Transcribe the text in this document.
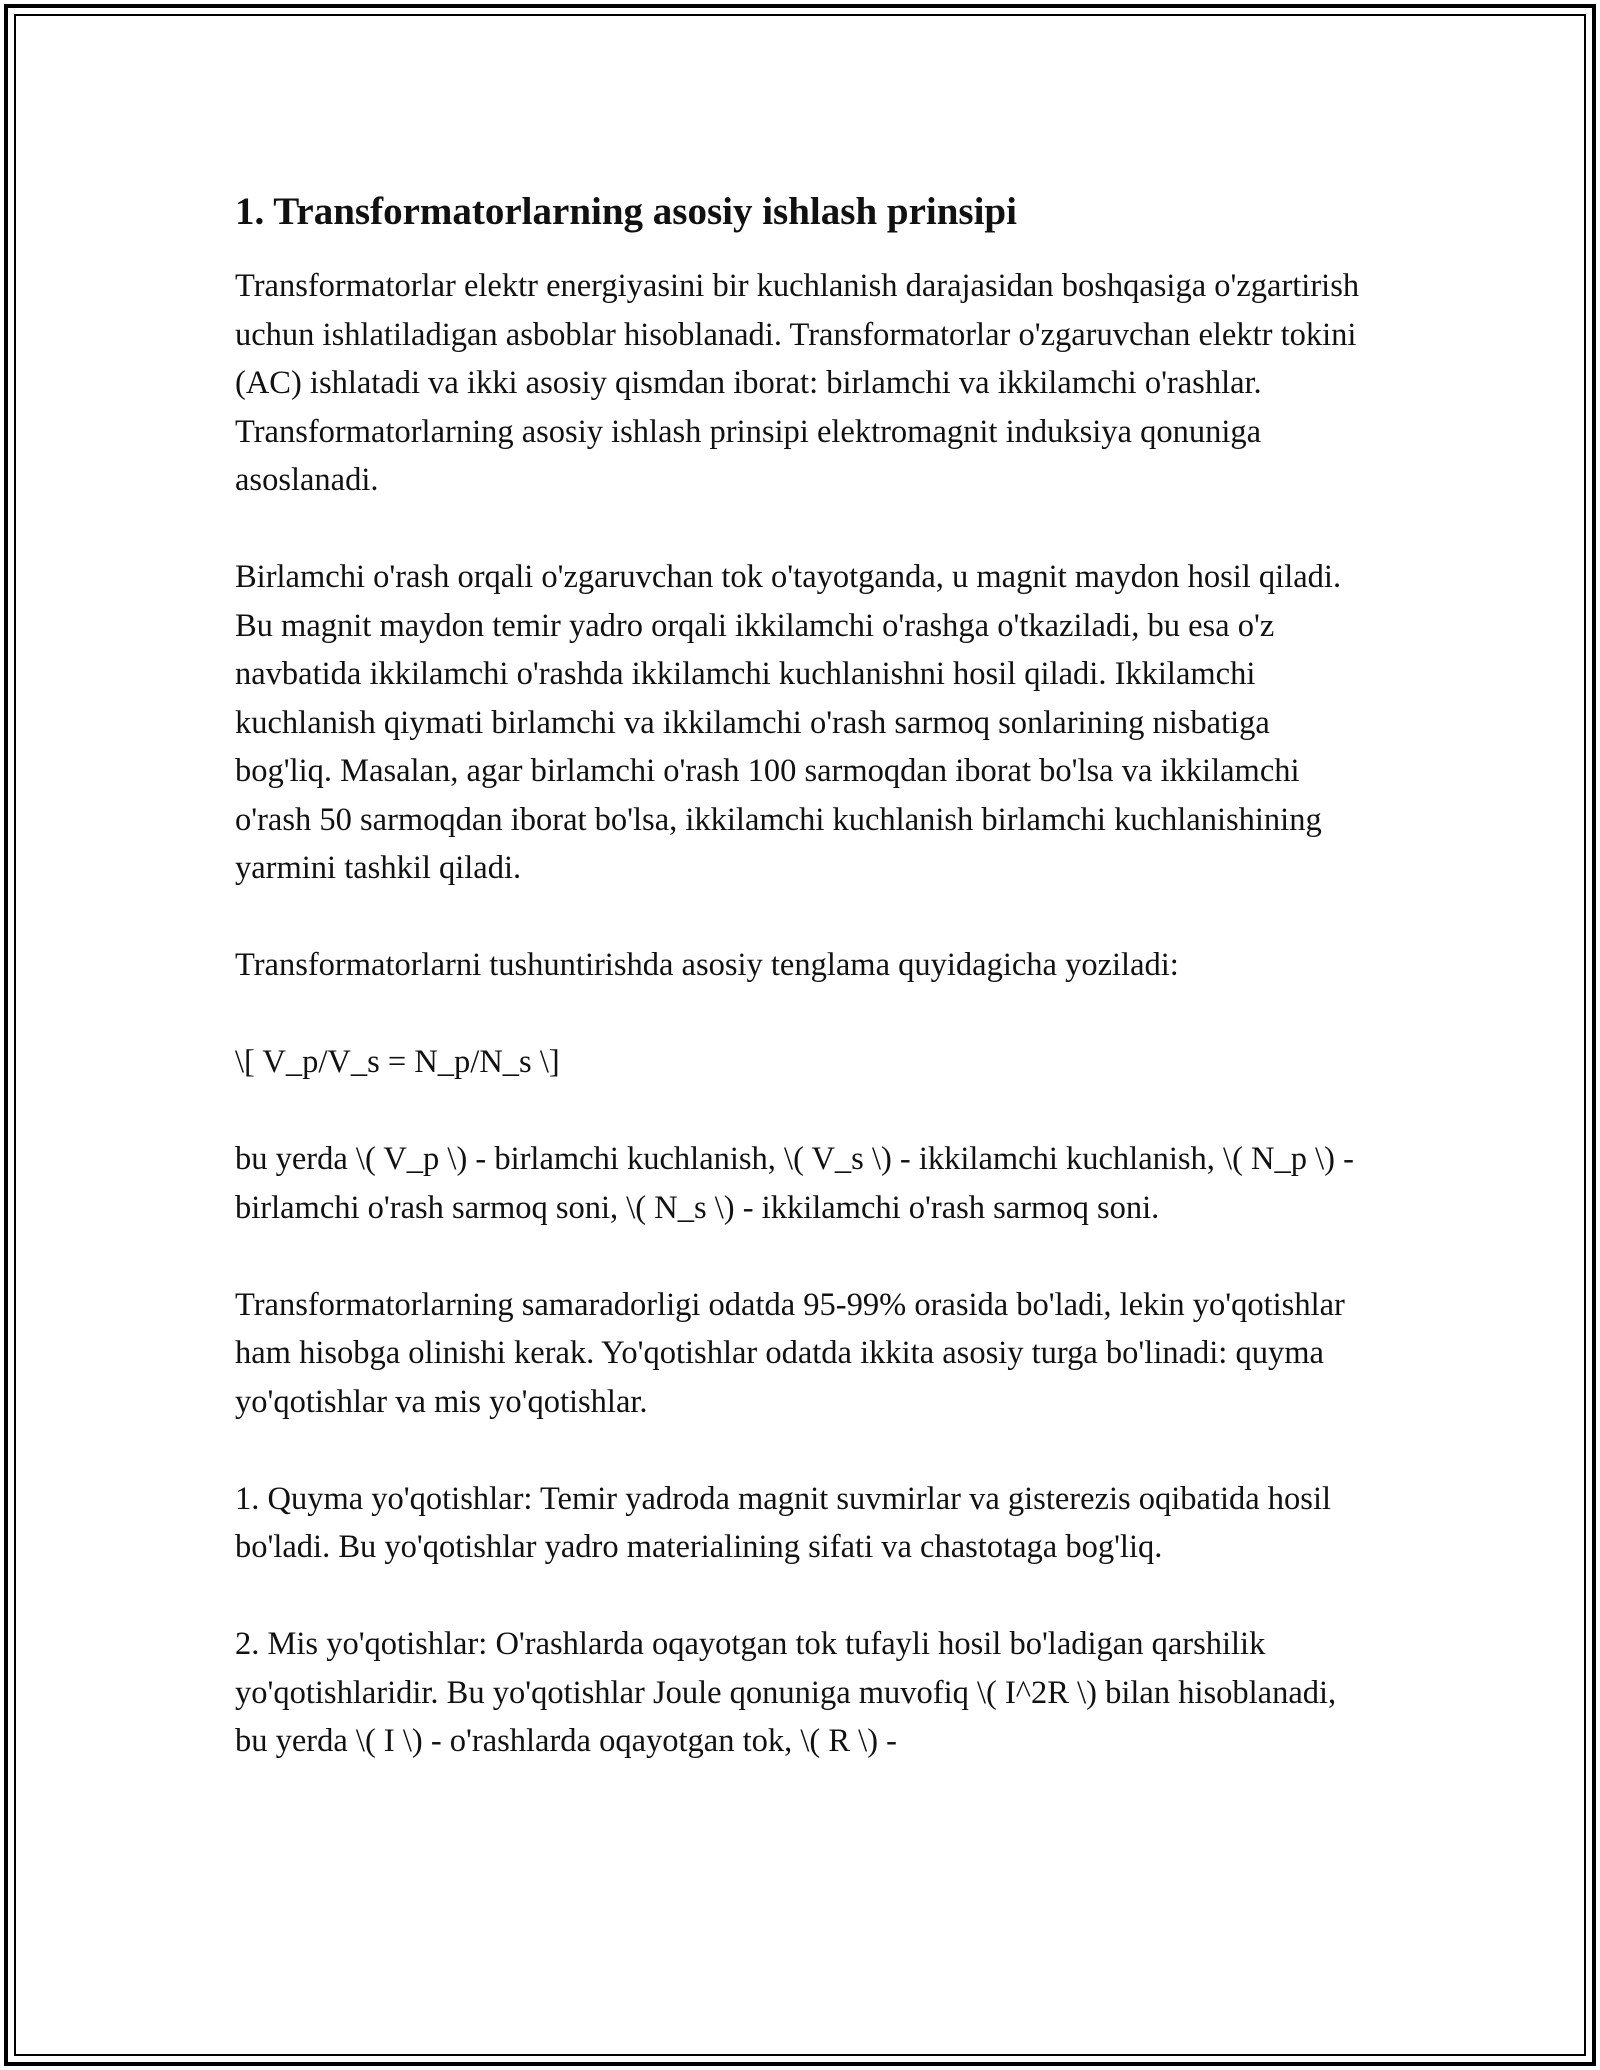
1. Transformatorlarning asosiy ishlash prinsipi

Transformatorlar elektr energiyasini bir kuchlanish darajasidan boshqasiga o'zgartirish uchun ishlatiladigan asboblar hisoblanadi. Transformatorlar o'zgaruvchan elektr tokini (AC) ishlatadi va ikki asosiy qismdan iborat: birlamchi va ikkilamchi o'rashlar. Transformatorlarning asosiy ishlash prinsipi elektromagnit induksiya qonuniga asoslanadi.

Birlamchi o'rash orqali o'zgaruvchan tok o'tayotganda, u magnit maydon hosil qiladi. Bu magnit maydon temir yadro orqali ikkilamchi o'rashga o'tkaziladi, bu esa o'z navbatida ikkilamchi o'rashda ikkilamchi kuchlanishni hosil qiladi. Ikkilamchi kuchlanish qiymati birlamchi va ikkilamchi o'rash sarmoq sonlarining nisbatiga bog'liq. Masalan, agar birlamchi o'rash 100 sarmoqdan iborat bo'lsa va ikkilamchi o'rash 50 sarmoqdan iborat bo'lsa, ikkilamchi kuchlanish birlamchi kuchlanishining yarmini tashkil qiladi.

Transformatorlarni tushuntirishda asosiy tenglama quyidagicha yoziladi:

\[ V_p/V_s = N_p/N_s \]

bu yerda \( V_p \) - birlamchi kuchlanish, \( V_s \) - ikkilamchi kuchlanish, \( N_p \) - birlamchi o'rash sarmoq soni, \( N_s \) - ikkilamchi o'rash sarmoq soni.

Transformatorlarning samaradorligi odatda 95-99% orasida bo'ladi, lekin yo'qotishlar ham hisobga olinishi kerak. Yo'qotishlar odatda ikkita asosiy turga bo'linadi: quyma yo'qotishlar va mis yo'qotishlar.

1. Quyma yo'qotishlar: Temir yadroda magnit suvmirlar va gisterezis oqibatida hosil bo'ladi. Bu yo'qotishlar yadro materialining sifati va chastotaga bog'liq.

2. Mis yo'qotishlar: O'rashlarda oqayotgan tok tufayli hosil bo'ladigan qarshilik yo'qotishlaridir. Bu yo'qotishlar Joule qonuniga muvofiq \( I^2R \) bilan hisoblanadi, bu yerda \( I \) - o'rashlarda oqayotgan tok, \( R \) -
